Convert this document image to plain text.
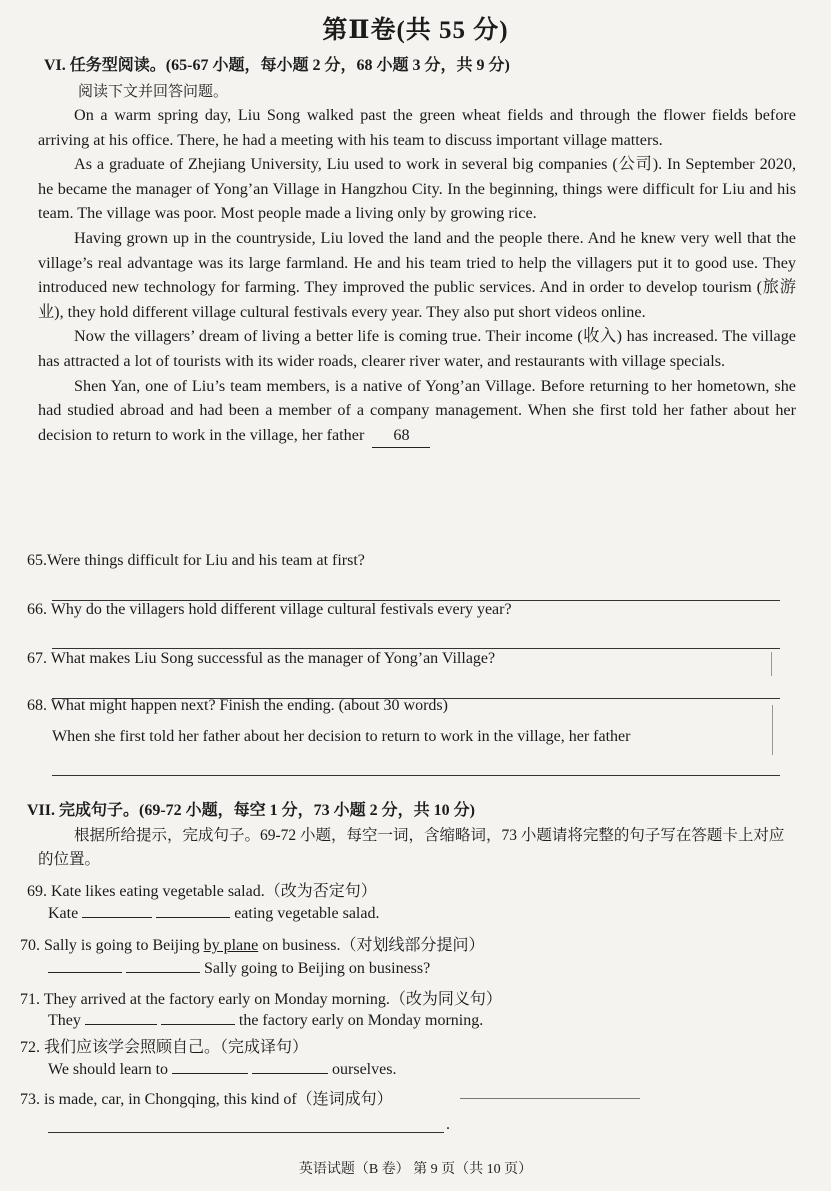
第Ⅱ卷(共 55 分)
VI. 任务型阅读。(65-67 小题，每小题 2 分，68 小题 3 分，共 9 分)
阅读下文并回答问题。

On a warm spring day, Liu Song walked past the green wheat fields and through the flower fields before arriving at his office. There, he had a meeting with his team to discuss important village matters.

As a graduate of Zhejiang University, Liu used to work in several big companies (公司). In September 2020, he became the manager of Yong’an Village in Hangzhou City. In the beginning, things were difficult for Liu and his team. The village was poor. Most people made a living only by growing rice.

Having grown up in the countryside, Liu loved the land and the people there. And he knew very well that the village’s real advantage was its large farmland. He and his team tried to help the villagers put it to good use. They introduced new technology for farming. They improved the public services. And in order to develop tourism (旅游业), they hold different village cultural festivals every year. They also put short videos online.

Now the villagers’ dream of living a better life is coming true. Their income (收入) has increased. The village has attracted a lot of tourists with its wider roads, clearer river water, and restaurants with village specials.

Shen Yan, one of Liu’s team members, is a native of Yong’an Village. Before returning to her hometown, she had studied abroad and had been a member of a company management. When she first told her father about her decision to return to work in the village, her father 68

65.Were things difficult for Liu and his team at first?
66. Why do the villagers hold different village cultural festivals every year?
67. What makes Liu Song successful as the manager of Yong’an Village?
68. What might happen next? Finish the ending. (about 30 words)
When she first told her father about her decision to return to work in the village, her father
VII. 完成句子。(69-72 小题，每空 1 分，73 小题 2 分，共 10 分)
根据所给提示，完成句子。69-72 小题，每空一词，含缩略词，73 小题请将完整的句子写在答题卡上对应的位置。
69. Kate likes eating vegetable salad.（改为否定句）
Kate	eating vegetable salad.
70. Sally is going to Beijing by plane on business.（对划线部分提问）
Sally going to Beijing on business?
71. They arrived at the factory early on Monday morning.（改为同义句）
They	the factory early on Monday morning.
72. 我们应该学会照顾自己。（完成译句）
We should learn to	ourselves.
73. is made, car, in Chongqing, this kind of（连词成句）
.
英语试题（B 卷） 第 9 页（共 10 页）
